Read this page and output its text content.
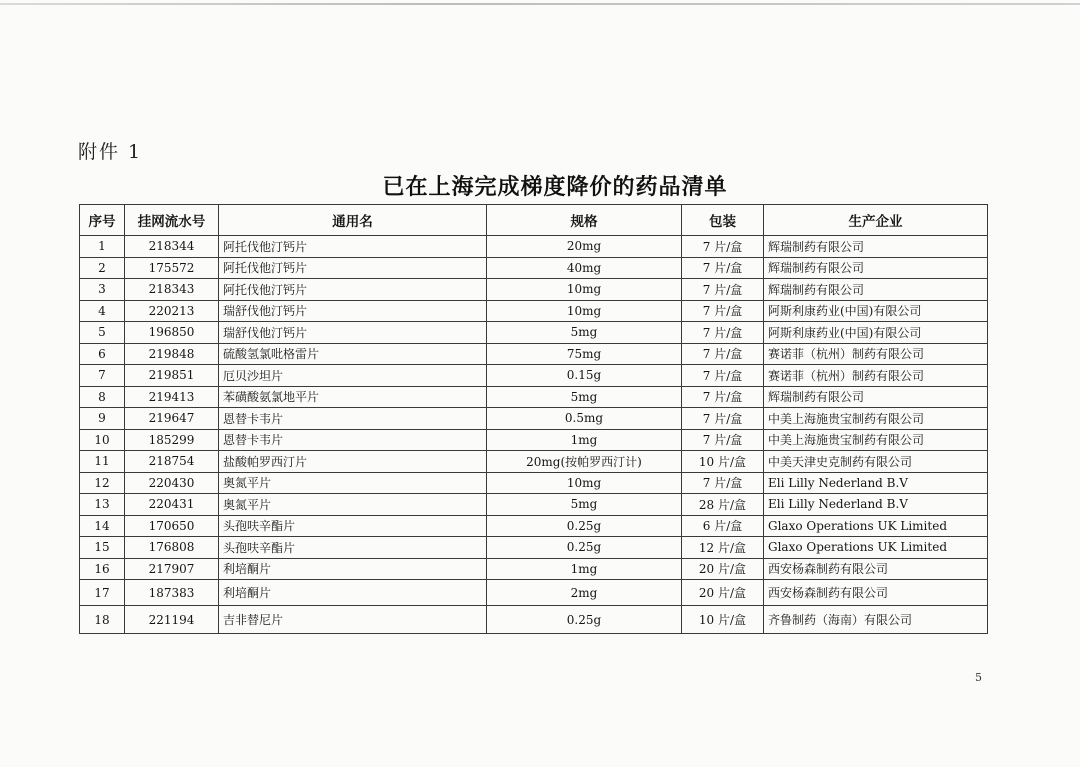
附件 1
已在上海完成梯度降价的药品清单
序号	挂网流水号	通用名	规格	包装	生产企业
1	218344	阿托伐他汀钙片	20mg	7 片/盒	辉瑞制药有限公司
2	175572	阿托伐他汀钙片	40mg	7 片/盒	辉瑞制药有限公司
3	218343	阿托伐他汀钙片	10mg	7 片/盒	辉瑞制药有限公司
4	220213	瑞舒伐他汀钙片	10mg	7 片/盒	阿斯利康药业(中国)有限公司
5	196850	瑞舒伐他汀钙片	5mg	7 片/盒	阿斯利康药业(中国)有限公司
6	219848	硫酸氢氯吡格雷片	75mg	7 片/盒	赛诺菲（杭州）制药有限公司
7	219851	厄贝沙坦片	0.15g	7 片/盒	赛诺菲（杭州）制药有限公司
8	219413	苯磺酸氨氯地平片	5mg	7 片/盒	辉瑞制药有限公司
9	219647	恩替卡韦片	0.5mg	7 片/盒	中美上海施贵宝制药有限公司
10	185299	恩替卡韦片	1mg	7 片/盒	中美上海施贵宝制药有限公司
11	218754	盐酸帕罗西汀片	20mg(按帕罗西汀计)	10 片/盒	中美天津史克制药有限公司
12	220430	奥氮平片	10mg	7 片/盒	Eli Lilly Nederland B.V
13	220431	奥氮平片	5mg	28 片/盒	Eli Lilly Nederland B.V
14	170650	头孢呋辛酯片	0.25g	6 片/盒	Glaxo Operations UK Limited
15	176808	头孢呋辛酯片	0.25g	12 片/盒	Glaxo Operations UK Limited
16	217907	利培酮片	1mg	20 片/盒	西安杨森制药有限公司
17	187383	利培酮片	2mg	20 片/盒	西安杨森制药有限公司
18	221194	吉非替尼片	0.25g	10 片/盒	齐鲁制药（海南）有限公司
5
